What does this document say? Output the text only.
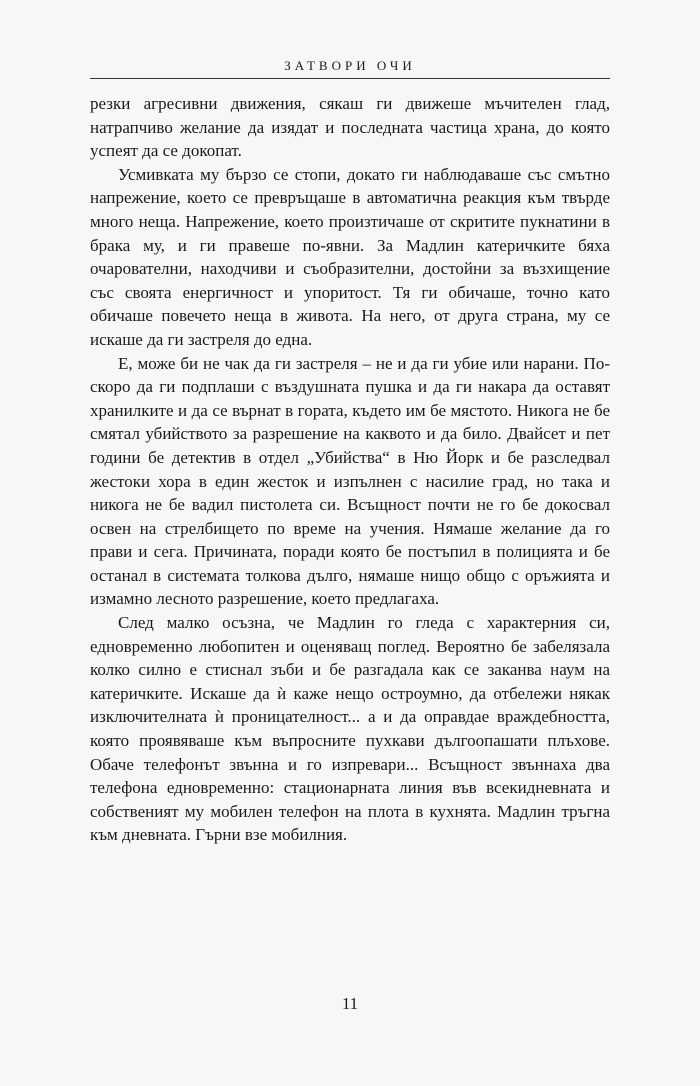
ЗАТВОРИ ОЧИ

резки агресивни движения, сякаш ги движеше мъчителен глад, натрапчиво желание да изядат и последната частица храна, до която успеят да се докопат.

Усмивката му бързо се стопи, докато ги наблюдаваше със смътно напрежение, което се превръщаше в автоматична реакция към твърде много неща. Напрежение, което произтичаше от скритите пукнатини в брака му, и ги правеше по-явни. За Мадлин катеричките бяха очарователни, находчиви и съобразителни, достойни за възхищение със своята енергичност и упоритост. Тя ги обичаше, точно като обичаше повечето неща в живота. На него, от друга страна, му се искаше да ги застреля до една.

Е, може би не чак да ги застреля – не и да ги убие или нарани. По-скоро да ги подплаши с въздушната пушка и да ги накара да оставят хранилките и да се върнат в гората, където им бе мястото. Никога не бе смятал убийството за разрешение на каквото и да било. Двайсет и пет години бе детектив в отдел „Убийства“ в Ню Йорк и бе разследвал жестоки хора в един жесток и изпълнен с насилие град, но така и никога не бе вадил пистолета си. Всъщност почти не го бе докосвал освен на стрелбището по време на учения. Нямаше желание да го прави и сега. Причината, поради която бе постъпил в полицията и бе останал в системата толкова дълго, нямаше нищо общо с оръжията и измамно лесното разрешение, което предлагаха.

След малко осъзна, че Мадлин го гледа с характерния си, едновременно любопитен и оценяващ поглед. Вероятно бе забелязала колко силно е стиснал зъби и бе разгадала как се заканва наум на катеричките. Искаше да ѝ каже нещо остроумно, да отбележи някак изключителната ѝ проницателност... а и да оправдае враждебността, която проявяваше към въпросните пухкави дългоопашати плъхове. Обаче телефонът звънна и го изпревари... Всъщност звъннаха два телефона едновременно: стационарната линия във всекидневната и собственият му мобилен телефон на плота в кухнята. Мадлин тръгна към дневната. Гърни взе мобилния.

11
